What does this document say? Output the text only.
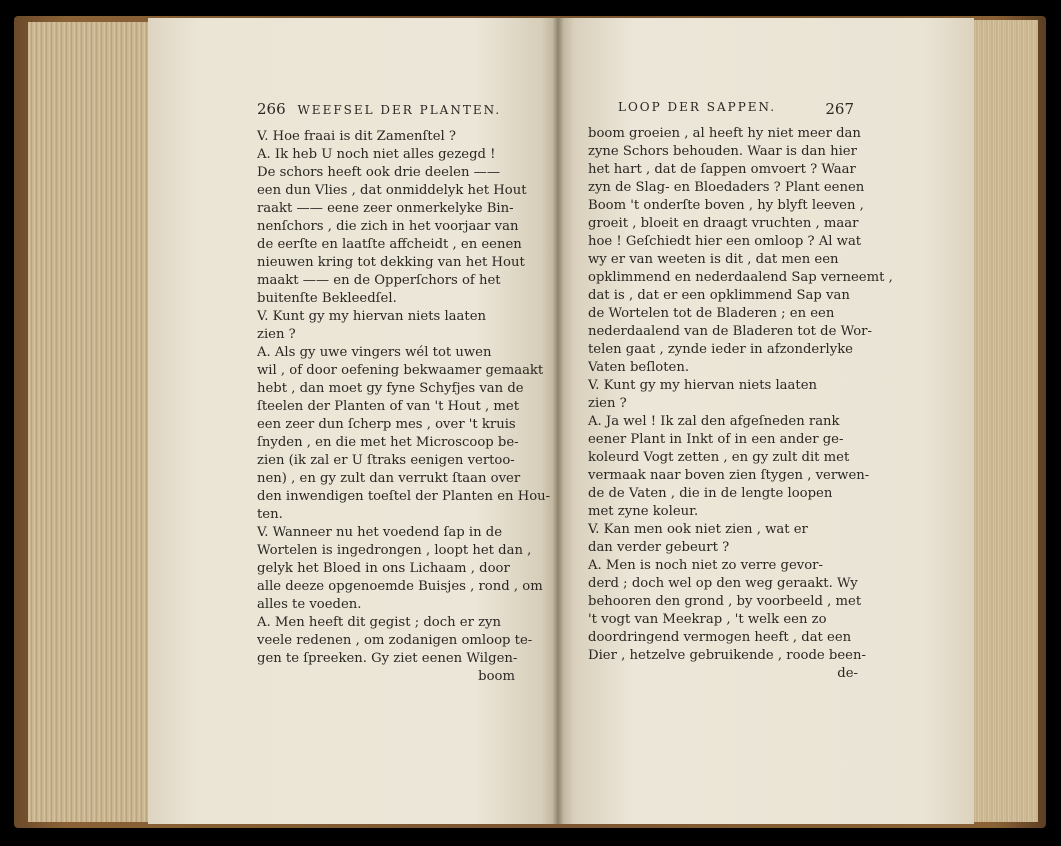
266 WEEFSEL DER PLANTEN.	LOOP DER SAPPEN.	267
V. Hoe fraai is dit Zamenſtel ?
A. Ik heb U noch niet alles gezegd !
De schors heeft ook drie deelen ——
een dun Vlies , dat onmiddelyk het Hout
raakt —— eene zeer onmerkelyke Bin-
nenſchors , die zich in het voorjaar van
de eerſte en laatſte affcheidt , en eenen
nieuwen kring tot dekking van het Hout
maakt —— en de Opperſchors of het
buitenſte Bekleedſel.
V. Kunt gy my hiervan niets laaten
zien ?
A. Als gy uwe vingers wél tot uwen
wil , of door oefening bekwaamer gemaakt
hebt , dan moet gy fyne Schyfjes van de
ſteelen der Planten of van 't Hout , met
een zeer dun ſcherp mes , over 't kruis
ſnyden , en die met het Microscoop be-
zien (ik zal er U ſtraks eenigen vertoo-
nen) , en gy zult dan verrukt ſtaan over
den inwendigen toeſtel der Planten en Hou-
ten.
V. Wanneer nu het voedend ſap in de
Wortelen is ingedrongen , loopt het dan ,
gelyk het Bloed in ons Lichaam , door
alle deeze opgenoemde Buisjes , rond , om
alles te voeden.
A. Men heeft dit gegist ; doch er zyn
veele redenen , om zodanigen omloop te-
gen te ſpreeken. Gy ziet eenen Wilgen-
boom
boom groeien , al heeft hy niet meer dan
zyne Schors behouden. Waar is dan hier
het hart , dat de ſappen omvoert ? Waar
zyn de Slag- en Bloedaders ? Plant eenen
Boom 't onderſte boven , hy blyft leeven ,
groeit , bloeit en draagt vruchten , maar
hoe ! Geſchiedt hier een omloop ? Al wat
wy er van weeten is dit , dat men een
opklimmend en nederdaalend Sap verneemt ,
dat is , dat er een opklimmend Sap van
de Wortelen tot de Bladeren ; en een
nederdaalend van de Bladeren tot de Wor-
telen gaat , zynde ieder in afzonderlyke
Vaten beſloten.
V. Kunt gy my hiervan niets laaten
zien ?
A. Ja wel ! Ik zal den afgeſneden rank
eener Plant in Inkt of in een ander ge-
koleurd Vogt zetten , en gy zult dit met
vermaak naar boven zien ſtygen , verwen-
de de Vaten , die in de lengte loopen
met zyne koleur.
V. Kan men ook niet zien , wat er
dan verder gebeurt ?
A. Men is noch niet zo verre gevor-
derd ; doch wel op den weg geraakt. Wy
behooren den grond , by voorbeeld , met
't vogt van Meekrap , 't welk een zo
doordringend vermogen heeft , dat een
Dier , hetzelve gebruikende , roode been-
de-
